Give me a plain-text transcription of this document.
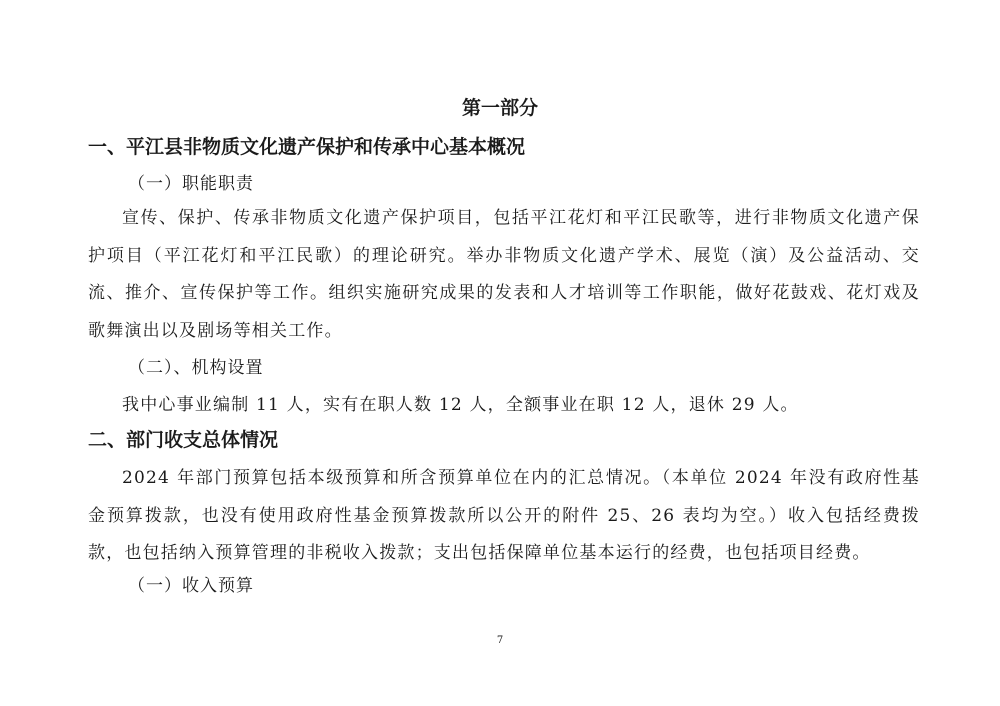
第一部分
一、平江县非物质文化遗产保护和传承中心基本概况
（一）职能职责

宣传、保护、传承非物质文化遗产保护项目，包括平江花灯和平江民歌等，进行非物质文化遗产保护项目（平江花灯和平江民歌）的理论研究。举办非物质文化遗产学术、展览（演）及公益活动、交流、推介、宣传保护等工作。组织实施研究成果的发表和人才培训等工作职能，做好花鼓戏、花灯戏及歌舞演出以及剧场等相关工作。

（二）、机构设置

我中心事业编制 11 人，实有在职人数 12 人，全额事业在职 12 人，退休 29 人。

二、部门收支总体情况

2024 年部门预算包括本级预算和所含预算单位在内的汇总情况。（本单位 2024 年没有政府性基金预算拨款，也没有使用政府性基金预算拨款所以公开的附件 25、26 表均为空。）收入包括经费拨款，也包括纳入预算管理的非税收入拨款；支出包括保障单位基本运行的经费，也包括项目经费。

（一）收入预算
7
